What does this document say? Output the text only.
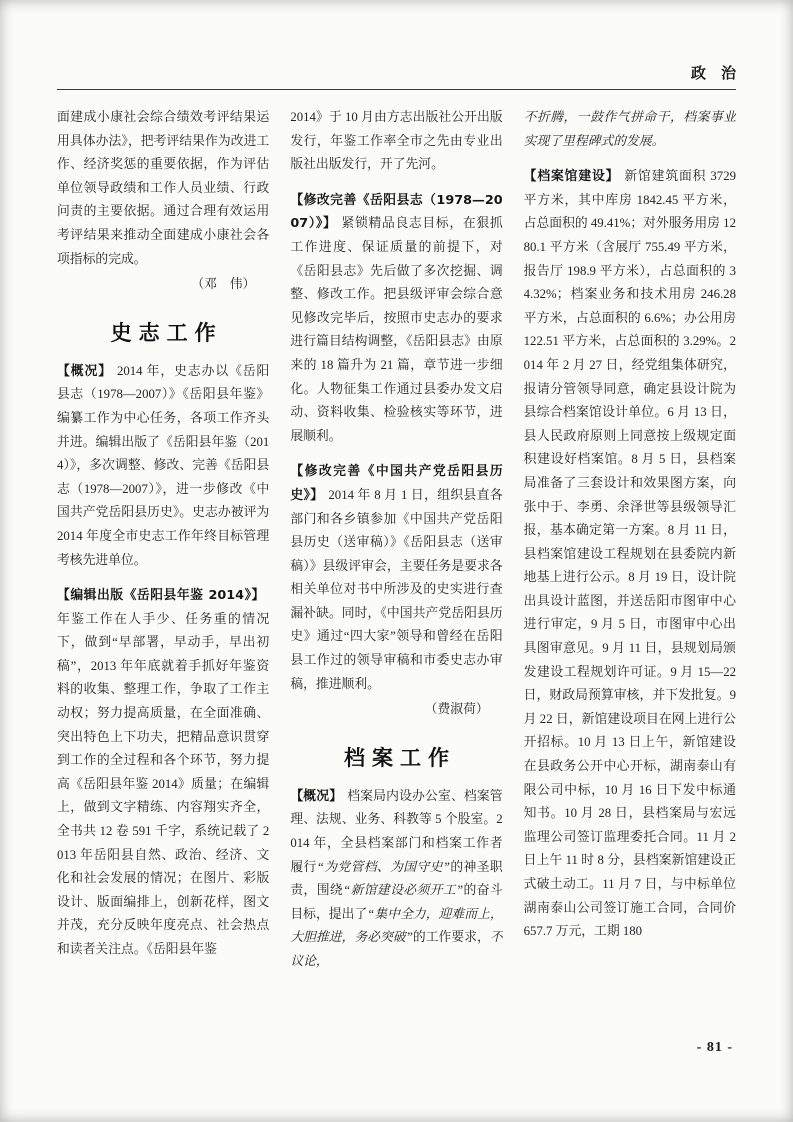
政　治

面建成小康社会综合绩效考评结果运用具体办法》，把考评结果作为改进工作、经济奖惩的重要依据，作为评估单位领导政绩和工作人员业绩、行政问责的主要依据。通过合理有效运用考评结果来推动全面建成小康社会各项指标的完成。

（邓　伟）

史志工作

【概况】 2014 年，史志办以《岳阳县志（1978—2007）》《岳阳县年鉴》编纂工作为中心任务，各项工作齐头并进。编辑出版了《岳阳县年鉴（2014）》，多次调整、修改、完善《岳阳县志（1978—2007）》，进一步修改《中国共产党岳阳县历史》。史志办被评为 2014 年度全市史志工作年终目标管理考核先进单位。

【编辑出版《岳阳县年鉴 2014》】年鉴工作在人手少、任务重的情况下，做到“早部署，早动手，早出初稿”，2013 年年底就着手抓好年鉴资料的收集、整理工作，争取了工作主动权；努力提高质量，在全面准确、突出特色上下功夫，把精品意识贯穿到工作的全过程和各个环节，努力提高《岳阳县年鉴 2014》质量；在编辑上，做到文字精练、内容翔实齐全，全书共 12 卷 591 千字，系统记载了 2013 年岳阳县自然、政治、经济、文化和社会发展的情况；在图片、彩版设计、版面编排上，创新花样，图文并茂，充分反映年度亮点、社会热点和读者关注点。《岳阳县年鉴

2014》于 10 月由方志出版社公开出版发行，年鉴工作率全市之先由专业出版社出版发行，开了先河。

【修改完善《岳阳县志（1978—2007）》】 紧锁精品良志目标，在狠抓工作进度、保证质量的前提下，对《岳阳县志》先后做了多次挖掘、调整、修改工作。把县级评审会综合意见修改完毕后，按照市史志办的要求进行篇目结构调整，《岳阳县志》由原来的 18 篇升为 21 篇，章节进一步细化。人物征集工作通过县委办发文启动、资料收集、检验核实等环节，进展顺利。

【修改完善《中国共产党岳阳县历史》】 2014 年 8 月 1 日，组织县直各部门和各乡镇参加《中国共产党岳阳县历史（送审稿）》《岳阳县志（送审稿）》县级评审会，主要任务是要求各相关单位对书中所涉及的史实进行查漏补缺。同时，《中国共产党岳阳县历史》通过“四大家”领导和曾经在岳阳县工作过的领导审稿和市委史志办审稿，推进顺利。

（费淑荷）

档案工作

【概况】 档案局内设办公室、档案管理、法规、业务、科教等 5 个股室。2014 年，全县档案部门和档案工作者履行“为党管档、为国守史”的神圣职责，围绕“新馆建设必须开工”的奋斗目标，提出了“集中全力，迎难而上，大胆推进，务必突破”的工作要求，不议论，

不折腾，一鼓作气拼命干，档案事业实现了里程碑式的发展。

【档案馆建设】 新馆建筑面积 3729 平方米，其中库房 1842.45 平方米，占总面积的 49.41%；对外服务用房 1280.1 平方米（含展厅 755.49 平方米，报告厅 198.9 平方米），占总面积的 34.32%；档案业务和技术用房 246.28 平方米，占总面积的 6.6%；办公用房 122.51 平方米，占总面积的 3.29%。2014 年 2 月 27 日，经党组集体研究，报请分管领导同意，确定县设计院为县综合档案馆设计单位。6 月 13 日，县人民政府原则上同意按上级规定面积建设好档案馆。8 月 5 日，县档案局准备了三套设计和效果图方案，向张中于、李勇、余泽世等县级领导汇报，基本确定第一方案。8 月 11 日，县档案馆建设工程规划在县委院内新地基上进行公示。8 月 19 日，设计院出具设计蓝图，并送岳阳市图审中心进行审定，9 月 5 日，市图审中心出具图审意见。9 月 11 日，县规划局颁发建设工程规划许可证。9 月 15—22 日，财政局预算审核，并下发批复。9 月 22 日，新馆建设项目在网上进行公开招标。10 月 13 日上午，新馆建设在县政务公开中心开标，湖南泰山有限公司中标，10 月 16 日下发中标通知书。10 月 28 日，县档案局与宏远监理公司签订监理委托合同。11 月 2 日上午 11 时 8 分，县档案新馆建设正式破土动工。11 月 7 日，与中标单位湖南泰山公司签订施工合同，合同价 657.7 万元，工期 180

- 81 -
